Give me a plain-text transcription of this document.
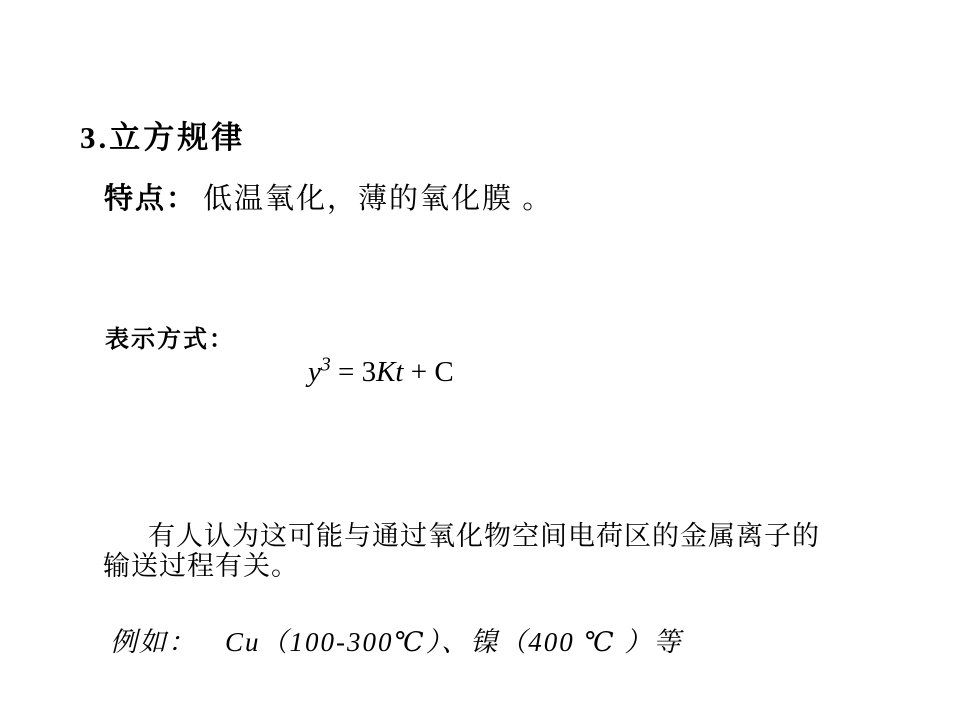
3.立方规律
特点： 低温氧化，薄的氧化膜 。
表示方式：
$y^3 = 3Kt + C$
有人认为这可能与通过氧化物空间电荷区的金属离子的
输送过程有关。
例如： Cu（100-300℃）、镍（400 ℃ ）等
